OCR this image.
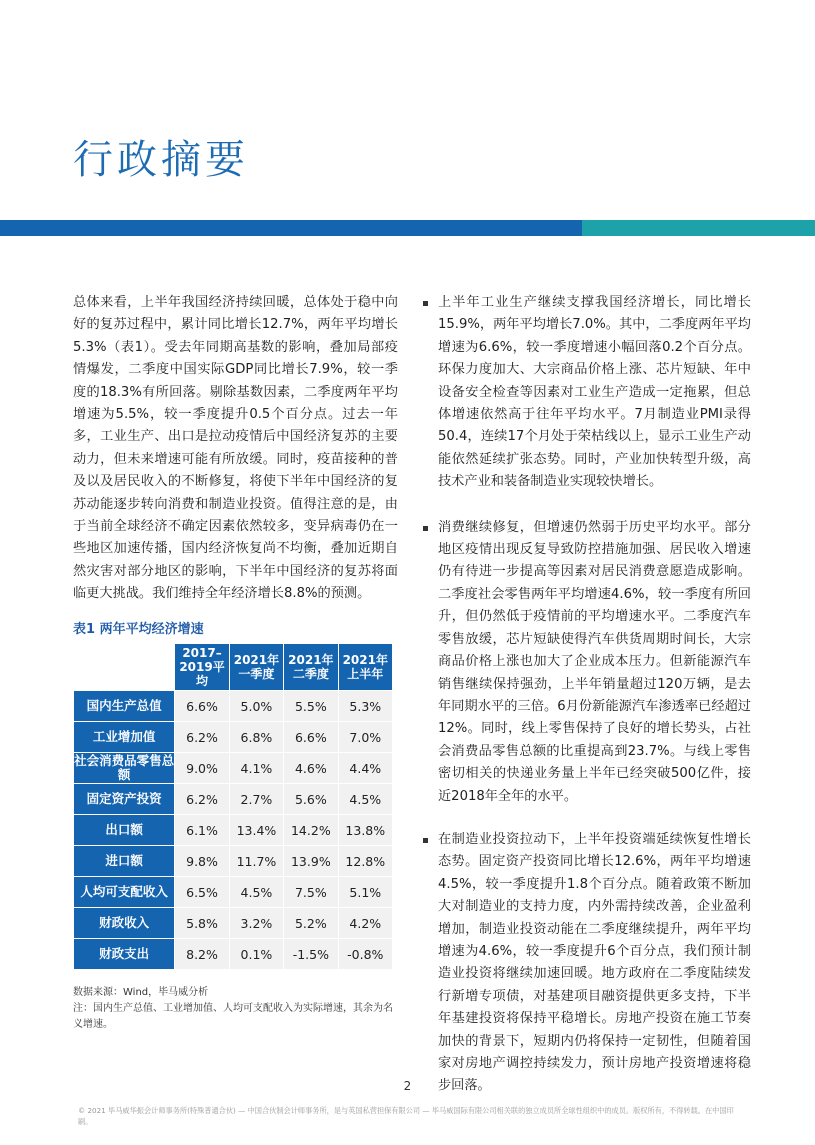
行政摘要
总体来看，上半年我国经济持续回暖，总体处于稳中向好的复苏过程中，累计同比增长12.7%，两年平均增长5.3%（表1）。受去年同期高基数的影响，叠加局部疫情爆发，二季度中国实际GDP同比增长7.9%，较一季度的18.3%有所回落。剔除基数因素，二季度两年平均增速为5.5%，较一季度提升0.5个百分点。过去一年多，工业生产、出口是拉动疫情后中国经济复苏的主要动力，但未来增速可能有所放缓。同时，疫苗接种的普及以及居民收入的不断修复，将使下半年中国经济的复苏动能逐步转向消费和制造业投资。值得注意的是，由于当前全球经济不确定因素依然较多，变异病毒仍在一些地区加速传播，国内经济恢复尚不均衡，叠加近期自然灾害对部分地区的影响，下半年中国经济的复苏将面临更大挑战。我们维持全年经济增长8.8%的预测。
表1 两年平均经济增速
	2017–2019平均	2021年一季度	2021年二季度	2021年上半年
国内生产总值	6.6%	5.0%	5.5%	5.3%
工业增加值	6.2%	6.8%	6.6%	7.0%
社会消费品零售总额	9.0%	4.1%	4.6%	4.4%
固定资产投资	6.2%	2.7%	5.6%	4.5%
出口额	6.1%	13.4%	14.2%	13.8%
进口额	9.8%	11.7%	13.9%	12.8%
人均可支配收入	6.5%	4.5%	7.5%	5.1%
财政收入	5.8%	3.2%	5.2%	4.2%
财政支出	8.2%	0.1%	-1.5%	-0.8%
数据来源：Wind，毕马威分析
注：国内生产总值、工业增加值、人均可支配收入为实际增速，其余为名义增速。
上半年工业生产继续支撑我国经济增长，同比增长15.9%，两年平均增长7.0%。其中，二季度两年平均增速为6.6%，较一季度增速小幅回落0.2个百分点。环保力度加大、大宗商品价格上涨、芯片短缺、年中设备安全检查等因素对工业生产造成一定拖累，但总体增速依然高于往年平均水平。7月制造业PMI录得50.4，连续17个月处于荣枯线以上，显示工业生产动能依然延续扩张态势。同时，产业加快转型升级，高技术产业和装备制造业实现较快增长。
消费继续修复，但增速仍然弱于历史平均水平。部分地区疫情出现反复导致防控措施加强、居民收入增速仍有待进一步提高等因素对居民消费意愿造成影响。二季度社会零售两年平均增速4.6%，较一季度有所回升，但仍然低于疫情前的平均增速水平。二季度汽车零售放缓，芯片短缺使得汽车供货周期时间长，大宗商品价格上涨也加大了企业成本压力。但新能源汽车销售继续保持强劲，上半年销量超过120万辆，是去年同期水平的三倍。6月份新能源汽车渗透率已经超过12%。同时，线上零售保持了良好的增长势头，占社会消费品零售总额的比重提高到23.7%。与线上零售密切相关的快递业务量上半年已经突破500亿件，接近2018年全年的水平。
在制造业投资拉动下，上半年投资端延续恢复性增长态势。固定资产投资同比增长12.6%，两年平均增速4.5%，较一季度提升1.8个百分点。随着政策不断加大对制造业的支持力度，内外需持续改善，企业盈利增加，制造业投资动能在二季度继续提升，两年平均增速为4.6%，较一季度提升6个百分点，我们预计制造业投资将继续加速回暖。地方政府在二季度陆续发行新增专项债，对基建项目融资提供更多支持，下半年基建投资将保持平稳增长。房地产投资在施工节奏加快的背景下，短期内仍将保持一定韧性，但随着国家对房地产调控持续发力，预计房地产投资增速将稳步回落。
2
© 2021 毕马威华振会计师事务所(特殊普通合伙) — 中国合伙制会计师事务所，是与英国私营担保有限公司 — 毕马威国际有限公司相关联的独立成员所全球性组织中的成员。版权所有，不得转载。在中国印刷。
